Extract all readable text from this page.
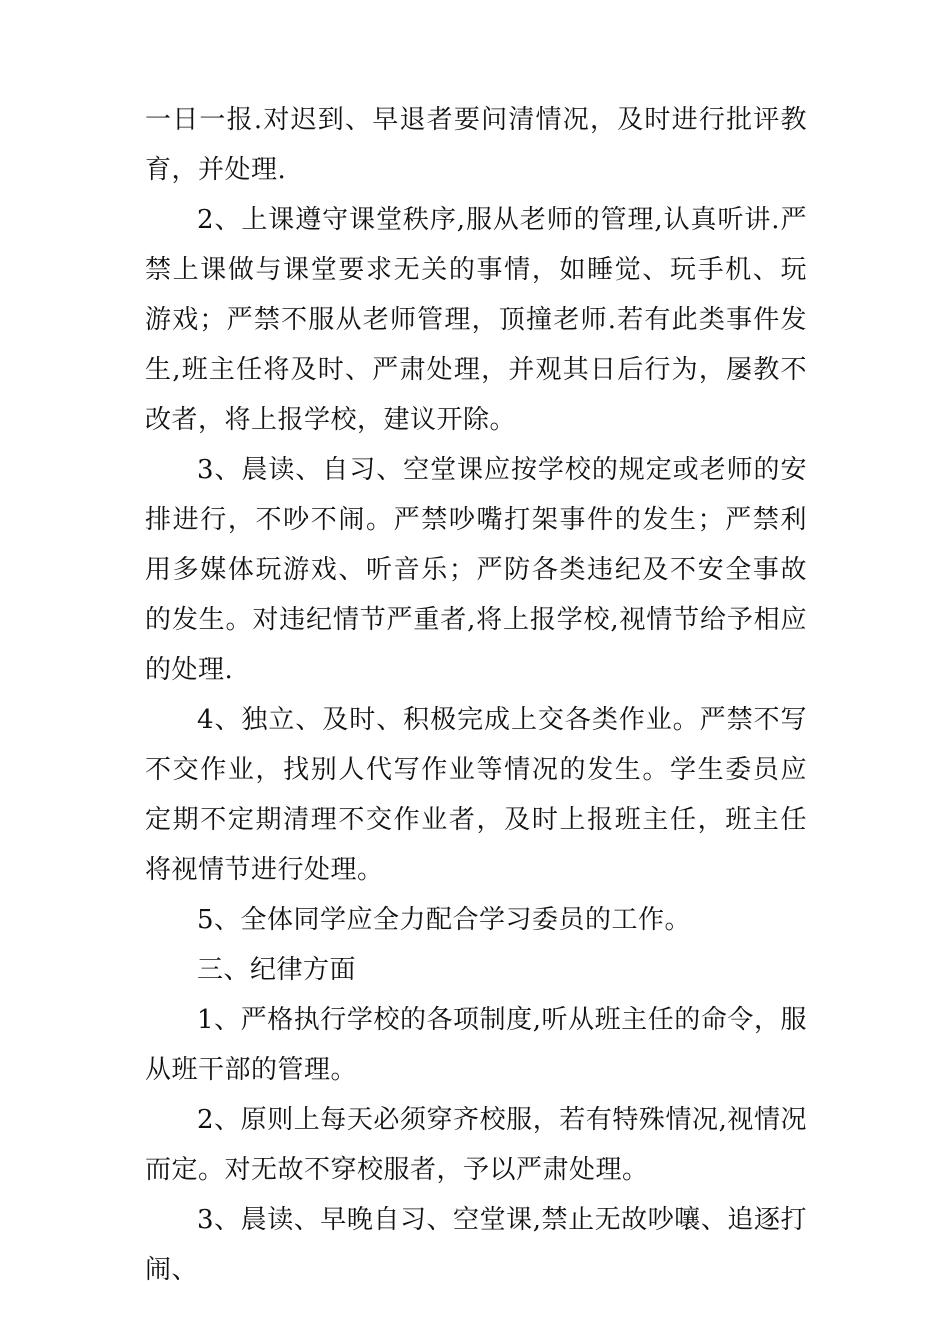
一日一报.对迟到、早退者要问清情况，及时进行批评教育，并处理.

2、上课遵守课堂秩序,服从老师的管理,认真听讲.严禁上课做与课堂要求无关的事情，如睡觉、玩手机、玩游戏；严禁不服从老师管理，顶撞老师.若有此类事件发生,班主任将及时、严肃处理，并观其日后行为，屡教不改者，将上报学校，建议开除。

3、晨读、自习、空堂课应按学校的规定或老师的安排进行，不吵不闹。严禁吵嘴打架事件的发生；严禁利用多媒体玩游戏、听音乐；严防各类违纪及不安全事故的发生。对违纪情节严重者,将上报学校,视情节给予相应的处理.

4、独立、及时、积极完成上交各类作业。严禁不写不交作业，找别人代写作业等情况的发生。学生委员应定期不定期清理不交作业者，及时上报班主任，班主任将视情节进行处理。

5、全体同学应全力配合学习委员的工作。

三、纪律方面

1、严格执行学校的各项制度,听从班主任的命令，服从班干部的管理。

2、原则上每天必须穿齐校服，若有特殊情况,视情况而定。对无故不穿校服者，予以严肃处理。

3、晨读、早晚自习、空堂课,禁止无故吵嚷、追逐打闹、
